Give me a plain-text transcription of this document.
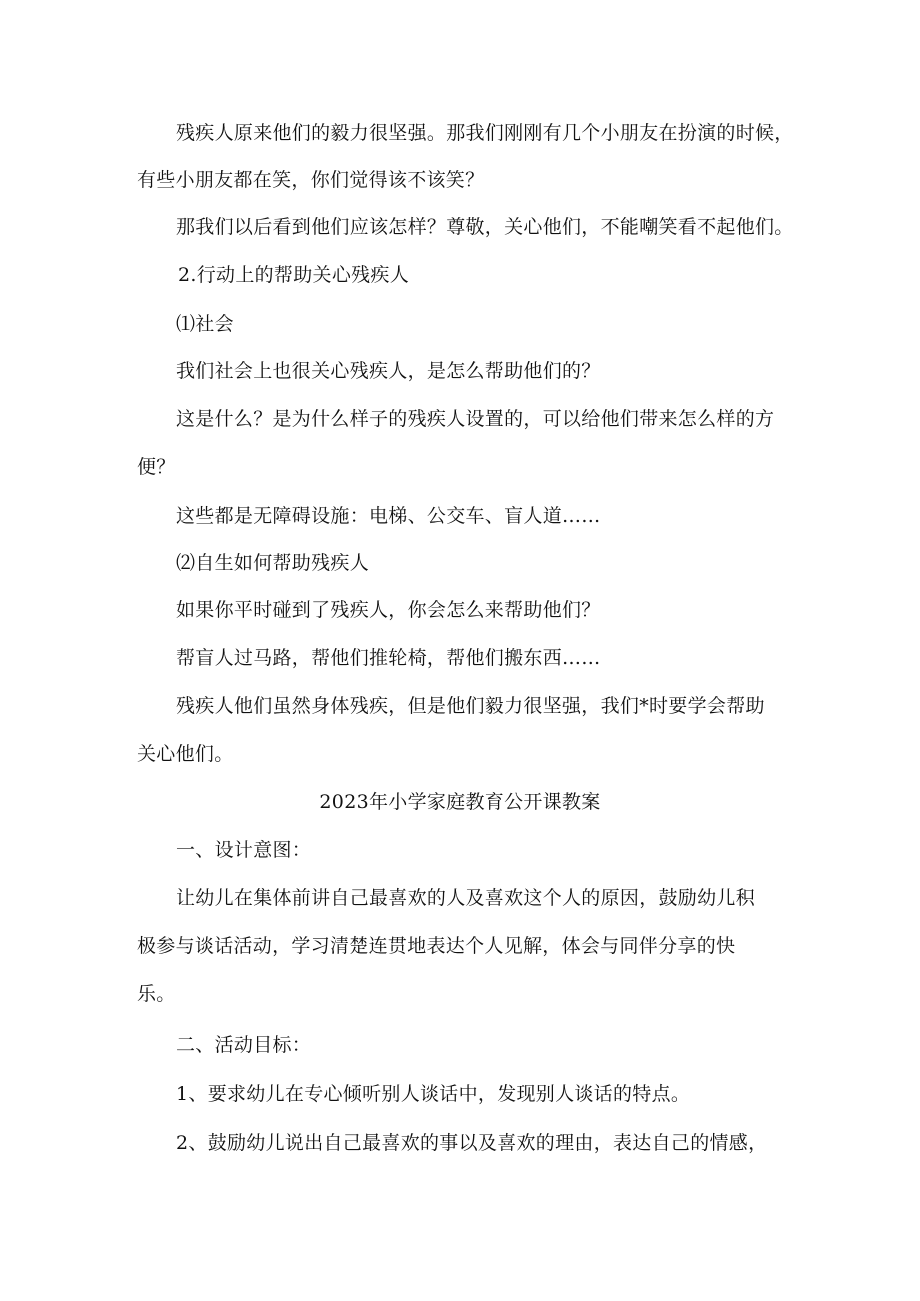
残疾人原来他们的毅力很坚强。那我们刚刚有几个小朋友在扮演的时候，
有些小朋友都在笑，你们觉得该不该笑？
那我们以后看到他们应该怎样？尊敬，关心他们，不能嘲笑看不起他们。
2.行动上的帮助关心残疾人
⑴社会
我们社会上也很关心残疾人，是怎么帮助他们的？
这是什么？是为什么样子的残疾人设置的，可以给他们带来怎么样的方
便？
这些都是无障碍设施：电梯、公交车、盲人道……
⑵自生如何帮助残疾人
如果你平时碰到了残疾人，你会怎么来帮助他们？
帮盲人过马路，帮他们推轮椅，帮他们搬东西……
残疾人他们虽然身体残疾，但是他们毅力很坚强，我们*时要学会帮助
关心他们。
2023年小学家庭教育公开课教案
一、设计意图：
让幼儿在集体前讲自己最喜欢的人及喜欢这个人的原因，鼓励幼儿积
极参与谈话活动，学习清楚连贯地表达个人见解，体会与同伴分享的快
乐。
二、活动目标：
1、要求幼儿在专心倾听别人谈话中，发现别人谈话的特点。
2、鼓励幼儿说出自己最喜欢的事以及喜欢的理由，表达自己的情感，
